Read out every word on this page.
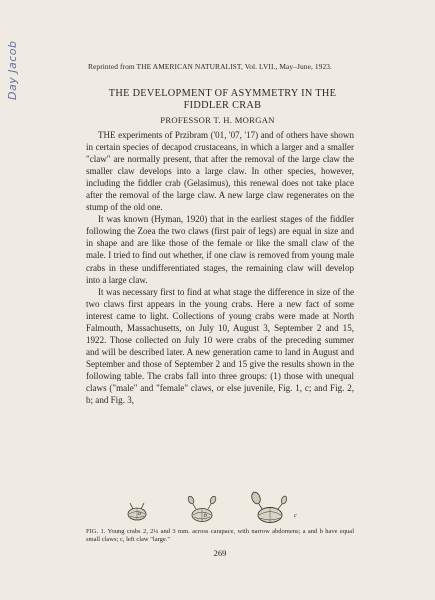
Day Jacob	Reprinted from THE AMERICAN NATURALIST, Vol. LVII., May–June, 1923.
THE DEVELOPMENT OF ASYMMETRY IN THE
FIDDLER CRAB
PROFESSOR T. H. MORGAN

THE experiments of Przibram ('01, '07, '17) and of others have shown in certain species of decapod crustaceans, in which a larger and a smaller "claw" are normally present, that after the removal of the large claw the smaller claw develops into a large claw. In other species, however, including the fiddler crab (Gelasimus), this renewal does not take place after the removal of the large claw. A new large claw regenerates on the stump of the old one.

It was known (Hyman, 1920) that in the earliest stages of the fiddler following the Zoea the two claws (first pair of legs) are equal in size and in shape and are like those of the female or like the small claw of the male. I tried to find out whether, if one claw is removed from young male crabs in these undifferentiated stages, the remaining claw will develop into a large claw.

It was necessary first to find at what stage the difference in size of the two claws first appears in the young crabs. Here a new fact of some interest came to light. Collections of young crabs were made at North Falmouth, Massachusetts, on July 10, August 3, September 2 and 15, 1922. Those collected on July 10 were crabs of the preceding summer and will be described later. A new generation came to land in August and September and those of September 2 and 15 give the results shown in the following table. The crabs fall into three groups: (1) those with unequal claws ("male" and "female" claws, or else juvenile, Fig. 1, c; and Fig. 2, b; and Fig. 3,

a	b	c
FIG. 1. Young crabs 2, 2¼ and 3 mm. across carapace, with narrow abdomens; a and b have equal small claws; c, left claw "large."
269
